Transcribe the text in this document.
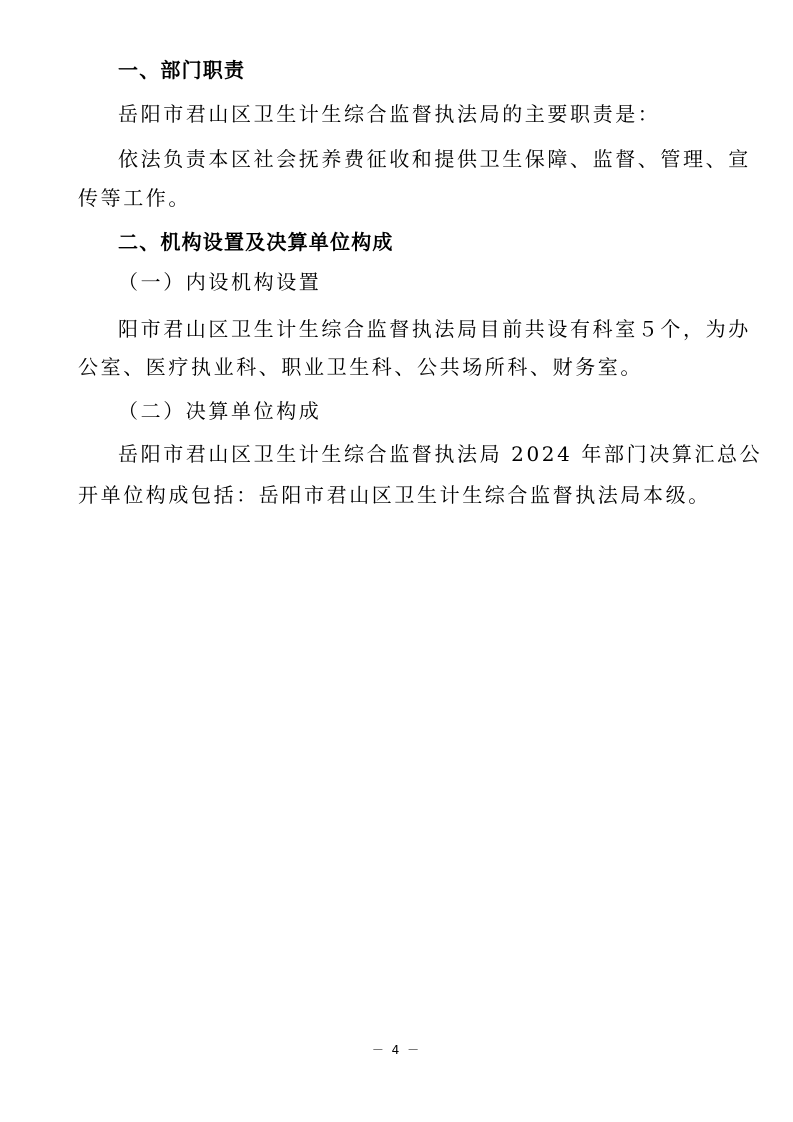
一、部门职责
岳阳市君山区卫生计生综合监督执法局的主要职责是：
依法负责本区社会抚养费征收和提供卫生保障、监督、管理、宣
传等工作。
二、机构设置及决算单位构成
（一）内设机构设置
阳市君山区卫生计生综合监督执法局目前共设有科室５个，为办
公室、医疗执业科、职业卫生科、公共场所科、财务室。
（二）决算单位构成
岳阳市君山区卫生计生综合监督执法局 2024 年部门决算汇总公
开单位构成包括：岳阳市君山区卫生计生综合监督执法局本级。
－ 4 －
